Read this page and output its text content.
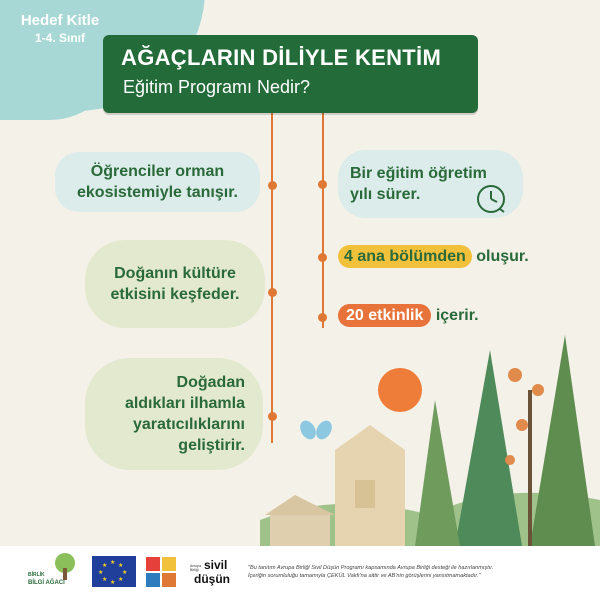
Hedef Kitle
1-4. Sınıf
AĞAÇLARIN DİLİYLE KENTİM
Eğitim Programı Nedir?
Öğrenciler orman
ekosistemiyle tanışır.
Doğanın kültüre
etkisini keşfeder.
Doğadan
aldıkları ilhamla
yaratıcılıklarını
geliştirir.
Bir eğitim öğretim
yılı sürer.
4 ana bölümden oluşur.
20 etkinlik içerir.
BİRLİK
BİLGİ AĞACI
★ ★
★
★
★
★
★
★	Avrupa Birliği sivil
düşün
"Bu tanıtım Avrupa Birliği Sivil Düşün Programı kapsamında Avrupa Birliği desteği ile hazırlanmıştır.
İçeriğin sorumluluğu tamamıyla ÇEKÜL Vakfı'na aittir ve AB'nin görüşlerini yansıtmamaktadır."
